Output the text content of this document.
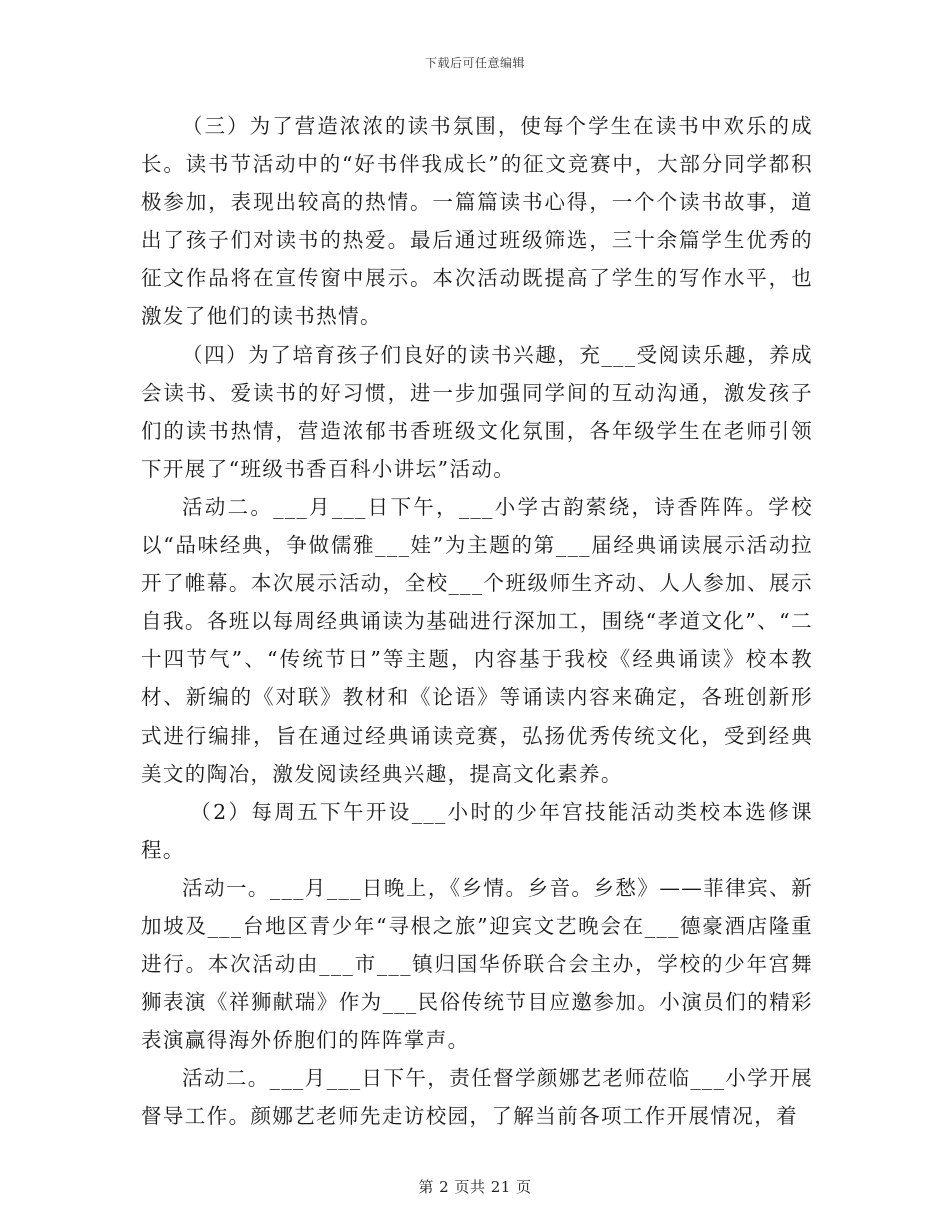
下载后可任意编辑

（三）为了营造浓浓的读书氛围，使每个学生在读书中欢乐的成长。读书节活动中的“好书伴我成长”的征文竞赛中，大部分同学都积极参加，表现出较高的热情。一篇篇读书心得，一个个读书故事，道出了孩子们对读书的热爱。最后通过班级筛选，三十余篇学生优秀的征文作品将在宣传窗中展示。本次活动既提高了学生的写作水平，也激发了他们的读书热情。

（四）为了培育孩子们良好的读书兴趣，充___受阅读乐趣，养成会读书、爱读书的好习惯，进一步加强同学间的互动沟通，激发孩子们的读书热情，营造浓郁书香班级文化氛围，各年级学生在老师引领下开展了“班级书香百科小讲坛”活动。

活动二。___月___日下午，___小学古韵萦绕，诗香阵阵。学校以“品味经典，争做儒雅___娃”为主题的第___届经典诵读展示活动拉开了帷幕。本次展示活动，全校___个班级师生齐动、人人参加、展示自我。各班以每周经典诵读为基础进行深加工，围绕“孝道文化”、“二十四节气”、“传统节日”等主题，内容基于我校《经典诵读》校本教材、新编的《对联》教材和《论语》等诵读内容来确定，各班创新形式进行编排，旨在通过经典诵读竞赛，弘扬优秀传统文化，受到经典美文的陶冶，激发阅读经典兴趣，提高文化素养。

（2）每周五下午开设___小时的少年宫技能活动类校本选修课程。

活动一。___月___日晚上，《乡情。乡音。乡愁》——菲律宾、新加坡及___台地区青少年“寻根之旅”迎宾文艺晚会在___德豪酒店隆重进行。本次活动由___市___镇归国华侨联合会主办，学校的少年宫舞狮表演《祥狮献瑞》作为___民俗传统节目应邀参加。小演员们的精彩表演赢得海外侨胞们的阵阵掌声。

活动二。___月___日下午，责任督学颜娜艺老师莅临___小学开展督导工作。颜娜艺老师先走访校园，了解当前各项工作开展情况，着

第 2 页共 21 页
